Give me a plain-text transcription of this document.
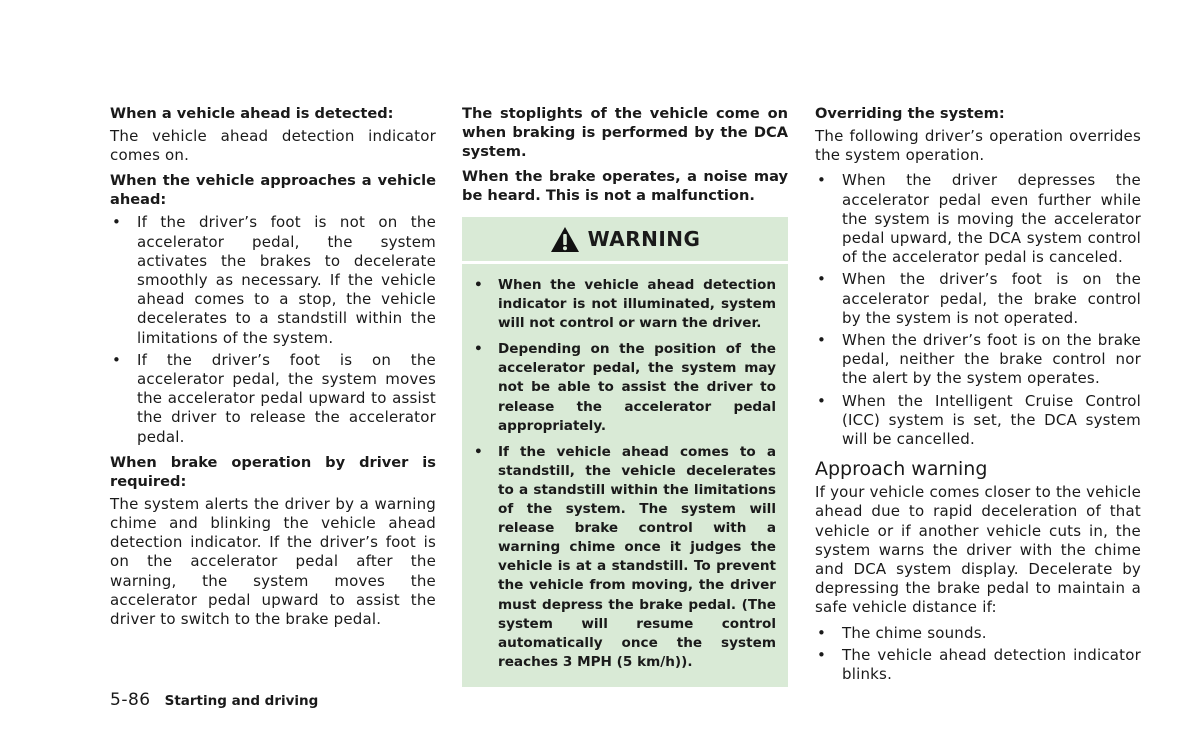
When a vehicle ahead is detected:
The vehicle ahead detection indicator comes on.
When the vehicle approaches a vehicle ahead:
• If the driver’s foot is not on the accelerator pedal, the system activates the brakes to decelerate smoothly as necessary. If the vehicle ahead comes to a stop, the vehicle decelerates to a standstill within the limitations of the system.
• If the driver’s foot is on the accelerator pedal, the system moves the accelerator pedal upward to assist the driver to release the accelerator pedal.
When brake operation by driver is required:
The system alerts the driver by a warning chime and blinking the vehicle ahead detection indicator. If the driver’s foot is on the accelerator pedal after the warning, the system moves the accelerator pedal upward to assist the driver to switch to the brake pedal.
The stoplights of the vehicle come on when braking is performed by the DCA system.
When the brake operates, a noise may be heard. This is not a malfunction.
WARNING
• When the vehicle ahead detection indicator is not illuminated, system will not control or warn the driver.
• Depending on the position of the accelerator pedal, the system may not be able to assist the driver to release the accelerator pedal appropriately.
• If the vehicle ahead comes to a standstill, the vehicle decelerates to a standstill within the limitations of the system. The system will release brake control with a warning chime once it judges the vehicle is at a standstill. To prevent the vehicle from moving, the driver must depress the brake pedal. (The system will resume control automatically once the system reaches 3 MPH (5 km/h)).
Overriding the system:
The following driver’s operation overrides the system operation.
• When the driver depresses the accelerator pedal even further while the system is moving the accelerator pedal upward, the DCA system control of the accelerator pedal is canceled.
• When the driver’s foot is on the accelerator pedal, the brake control by the system is not operated.
• When the driver’s foot is on the brake pedal, neither the brake control nor the alert by the system operates.
• When the Intelligent Cruise Control (ICC) system is set, the DCA system will be cancelled.
Approach warning
If your vehicle comes closer to the vehicle ahead due to rapid deceleration of that vehicle or if another vehicle cuts in, the system warns the driver with the chime and DCA system display. Decelerate by depressing the brake pedal to maintain a safe vehicle distance if:
• The chime sounds.
• The vehicle ahead detection indicator blinks.
5-86 Starting and driving
